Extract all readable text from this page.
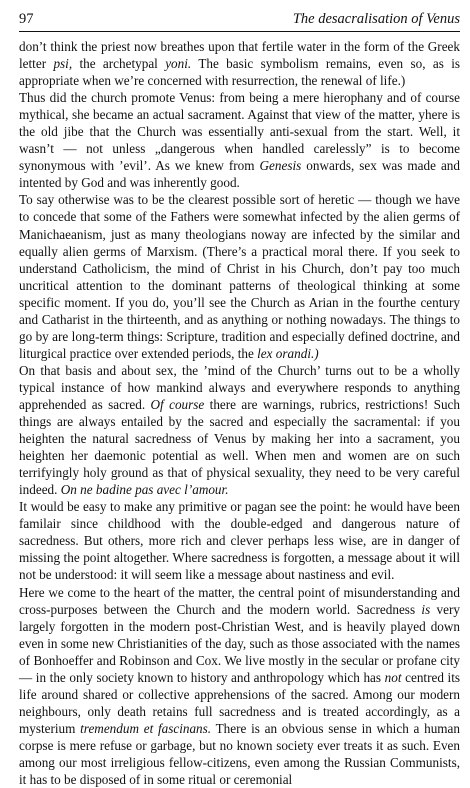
97	The desacralisation of Venus

don’t think the priest now breathes upon that fertile water in the form of the Greek letter psi, the archetypal yoni. The basic symbolism remains, even so, as is appropriate when we’re concerned with resurrection, the renewal of life.)

Thus did the church promote Venus: from being a mere hierophany and of course mythical, she became an actual sacrament. Against that view of the matter, yhere is the old jibe that the Church was essentially anti-sexual from the start. Well, it wasn’t — not unless „dangerous when handled carelessly” is to become synonymous with ’evil’. As we knew from Genesis onwards, sex was made and intented by God and was inherently good.

To say otherwise was to be the clearest possible sort of heretic — though we have to concede that some of the Fathers were somewhat infected by the alien germs of Manichaeanism, just as many theologians noway are infected by the similar and equally alien germs of Marxism. (There’s a practical moral there. If you seek to understand Catholicism, the mind of Christ in his Church, don’t pay too much uncritical attention to the dominant patterns of theological thinking at some specific moment. If you do, you’ll see the Church as Arian in the fourthe century and Catharist in the thirteenth, and as anything or nothing nowadays. The things to go by are long-term things: Scripture, tradition and especially defined doctrine, and liturgical practice over extended periods, the lex orandi.)

On that basis and about sex, the ’mind of the Church’ turns out to be a wholly typical instance of how mankind always and everywhere responds to anything apprehended as sacred. Of course there are warnings, rubrics, restrictions! Such things are always entailed by the sacred and especially the sacramental: if you heighten the natural sacredness of Venus by making her into a sacrament, you heighten her daemonic potential as well. When men and women are on such terrifyingly holy ground as that of physical sexuality, they need to be very careful indeed. On ne badine pas avec l’amour.

It would be easy to make any primitive or pagan see the point: he would have been familair since childhood with the double-edged and dangerous nature of sacredness. But others, more rich and clever perhaps less wise, are in danger of missing the point altogether. Where sacredness is forgotten, a message about it will not be understood: it will seem like a message about nastiness and evil.

Here we come to the heart of the matter, the central point of misunderstanding and cross-purposes between the Church and the modern world. Sacredness is very largely forgotten in the modern post-Christian West, and is heavily played down even in some new Christianities of the day, such as those associated with the names of Bonhoeffer and Robinson and Cox. We live mostly in the secular or profane city — in the only society known to history and anthropology which has not centred its life around shared or collective apprehensions of the sacred. Among our modern neighbours, only death retains full sacredness and is treated accordingly, as a mysterium tremendum et fascinans. There is an obvious sense in which a human corpse is mere refuse or garbage, but no known society ever treats it as such. Even among our most irreligious fellow-citizens, even among the Russian Communists, it has to be disposed of in some ritual or ceremonial
